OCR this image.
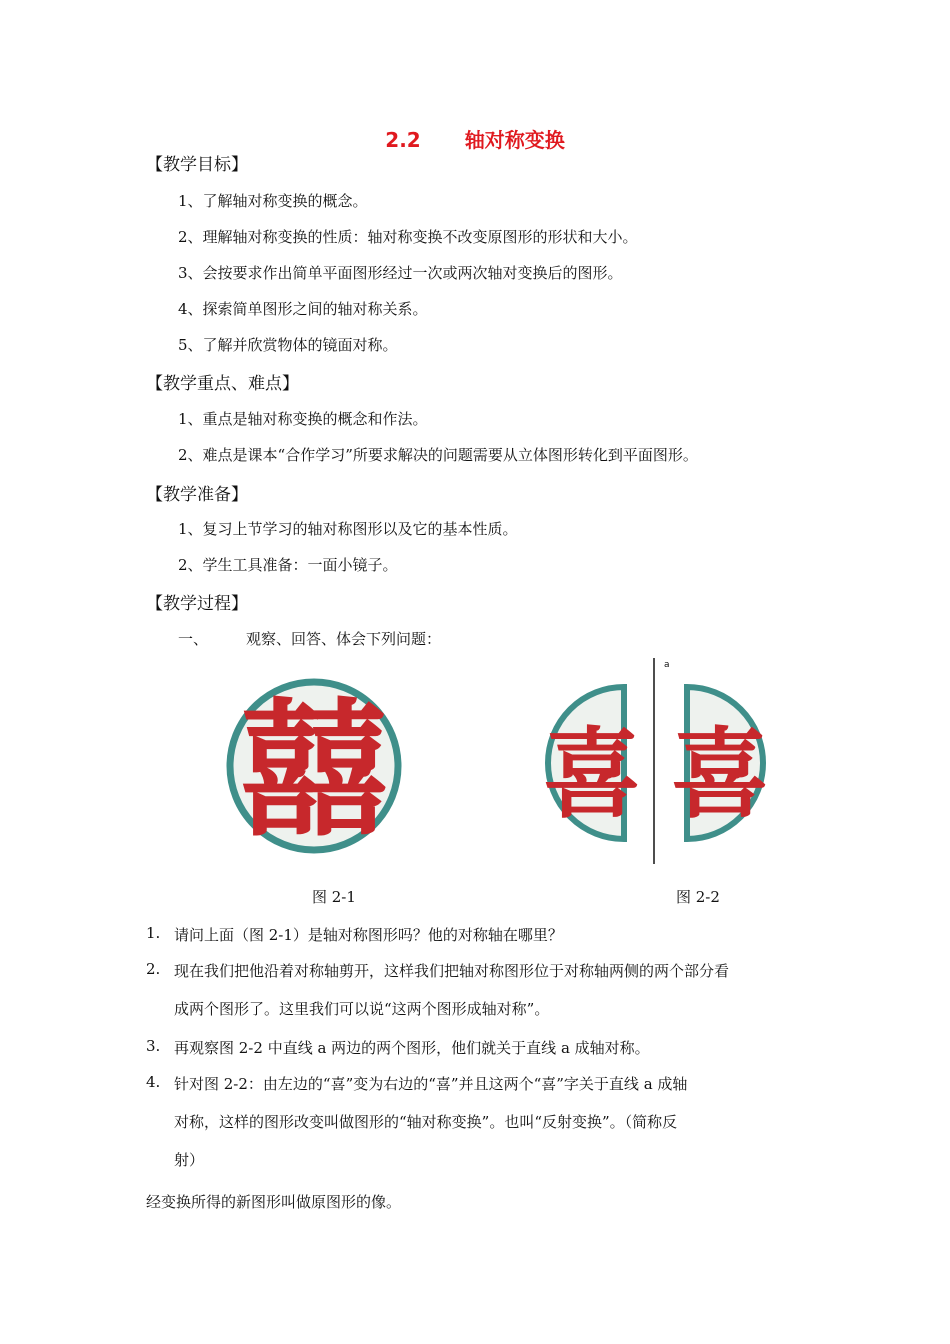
2.2 轴对称变换
【教学目标】
1、了解轴对称变换的概念。
2、理解轴对称变换的性质：轴对称变换不改变原图形的形状和大小。
3、会按要求作出简单平面图形经过一次或两次轴对变换后的图形。
4、探索简单图形之间的轴对称关系。
5、了解并欣赏物体的镜面对称。
【教学重点、难点】
1、重点是轴对称变换的概念和作法。
2、难点是课本“合作学习”所要求解决的问题需要从立体图形转化到平面图形。
【教学准备】
1、复习上节学习的轴对称图形以及它的基本性质。
2、学生工具准备：一面小镜子。
【教学过程】
一、	观察、回答、体会下列问题：
囍
图 2-1
喜
a
喜
图 2-2
1. 请问上面（图 2-1）是轴对称图形吗？他的对称轴在哪里？
2. 现在我们把他沿着对称轴剪开，这样我们把轴对称图形位于对称轴两侧的两个部分看
成两个图形了。这里我们可以说“这两个图形成轴对称”。
3. 再观察图 2-2 中直线 a 两边的两个图形，他们就关于直线 a 成轴对称。
4. 针对图 2-2：由左边的“喜”变为右边的“喜”并且这两个“喜”字关于直线 a 成轴
对称，这样的图形改变叫做图形的“轴对称变换”。也叫“反射变换”。（简称反
射）
经变换所得的新图形叫做原图形的像。
